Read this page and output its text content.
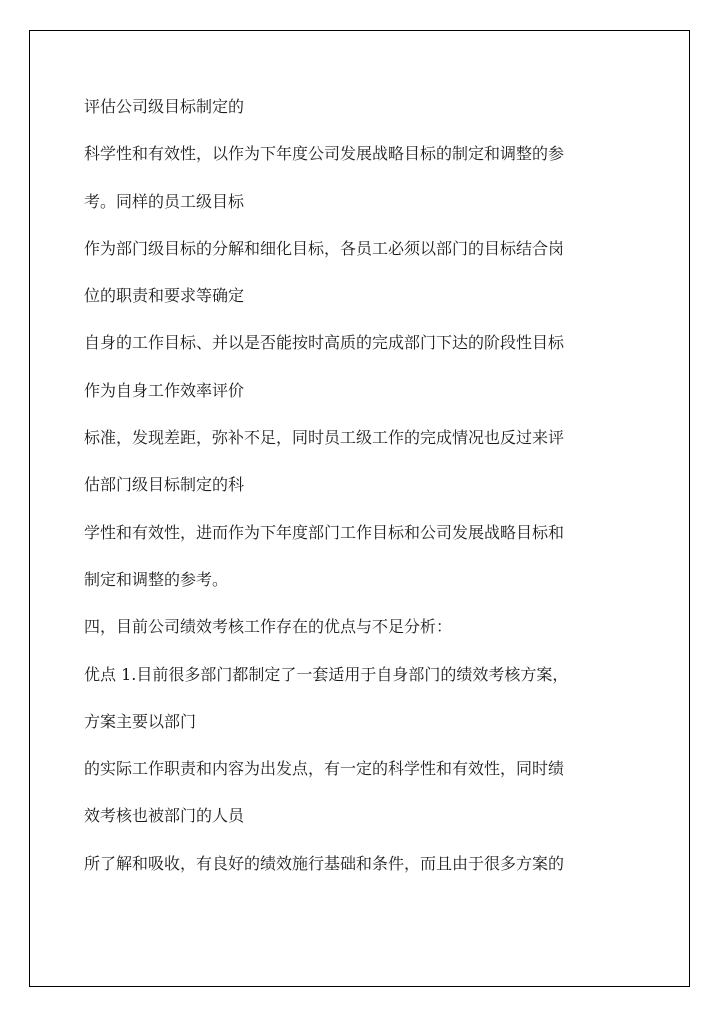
评估公司级目标制定的
科学性和有效性，以作为下年度公司发展战略目标的制定和调整的参
考。同样的员工级目标
作为部门级目标的分解和细化目标，各员工必须以部门的目标结合岗
位的职责和要求等确定
自身的工作目标、并以是否能按时高质的完成部门下达的阶段性目标
作为自身工作效率评价
标准，发现差距，弥补不足，同时员工级工作的完成情况也反过来评
估部门级目标制定的科
学性和有效性，进而作为下年度部门工作目标和公司发展战略目标和
制定和调整的参考。
四，目前公司绩效考核工作存在的优点与不足分析：
优点 1.目前很多部门都制定了一套适用于自身部门的绩效考核方案，
方案主要以部门
的实际工作职责和内容为出发点，有一定的科学性和有效性，同时绩
效考核也被部门的人员
所了解和吸收，有良好的绩效施行基础和条件，而且由于很多方案的
